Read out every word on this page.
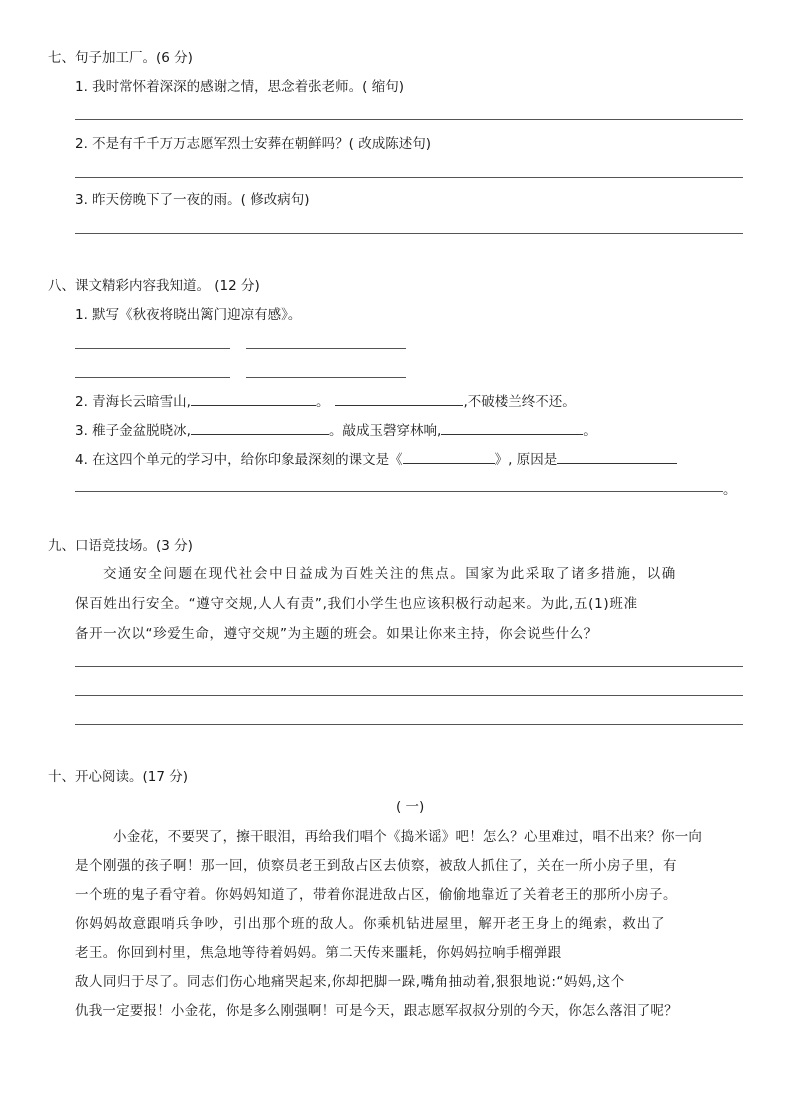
七、句子加工厂。(6 分)
1. 我时常怀着深深的感谢之情，思念着张老师。( 缩句)
2. 不是有千千万万志愿军烈士安葬在朝鲜吗？( 改成陈述句)
3. 昨天傍晚下了一夜的雨。( 修改病句)
八、课文精彩内容我知道。 (12 分)
1. 默写《秋夜将晓出篱门迎凉有感》。
2. 青海长云暗雪山,	。	,不破楼兰终不还。
3. 稚子金盆脱晓冰,	。敲成玉磬穿林响,	。
4. 在这四个单元的学习中，给你印象最深刻的课文是《	》, 原因是
。
九、口语竞技场。(3 分)
交通安全问题在现代社会中日益成为百姓关注的焦点。国家为此采取了诸多措施，以确
保百姓出行安全。“遵守交规,人人有责”,我们小学生也应该积极行动起来。为此,五(1)班准
备开一次以“珍爱生命，遵守交规”为主题的班会。如果让你来主持，你会说些什么？
十、开心阅读。(17 分)
( 一)
小金花，不要哭了，擦干眼泪，再给我们唱个《捣米谣》吧！怎么？心里难过，唱不出来？你一向
是个刚强的孩子啊！那一回，侦察员老王到敌占区去侦察，被敌人抓住了，关在一所小房子里，有
一个班的鬼子看守着。你妈妈知道了，带着你混进敌占区，偷偷地靠近了关着老王的那所小房子。
你妈妈故意跟哨兵争吵，引出那个班的敌人。你乘机钻进屋里，解开老王身上的绳索，救出了
老王。你回到村里，焦急地等待着妈妈。第二天传来噩耗，你妈妈拉响手榴弹跟
敌人同归于尽了。同志们伤心地痛哭起来,你却把脚一跺,嘴角抽动着,狠狠地说:“妈妈,这个
仇我一定要报！小金花，你是多么刚强啊！可是今天，跟志愿军叔叔分别的今天，你怎么落泪了呢？
